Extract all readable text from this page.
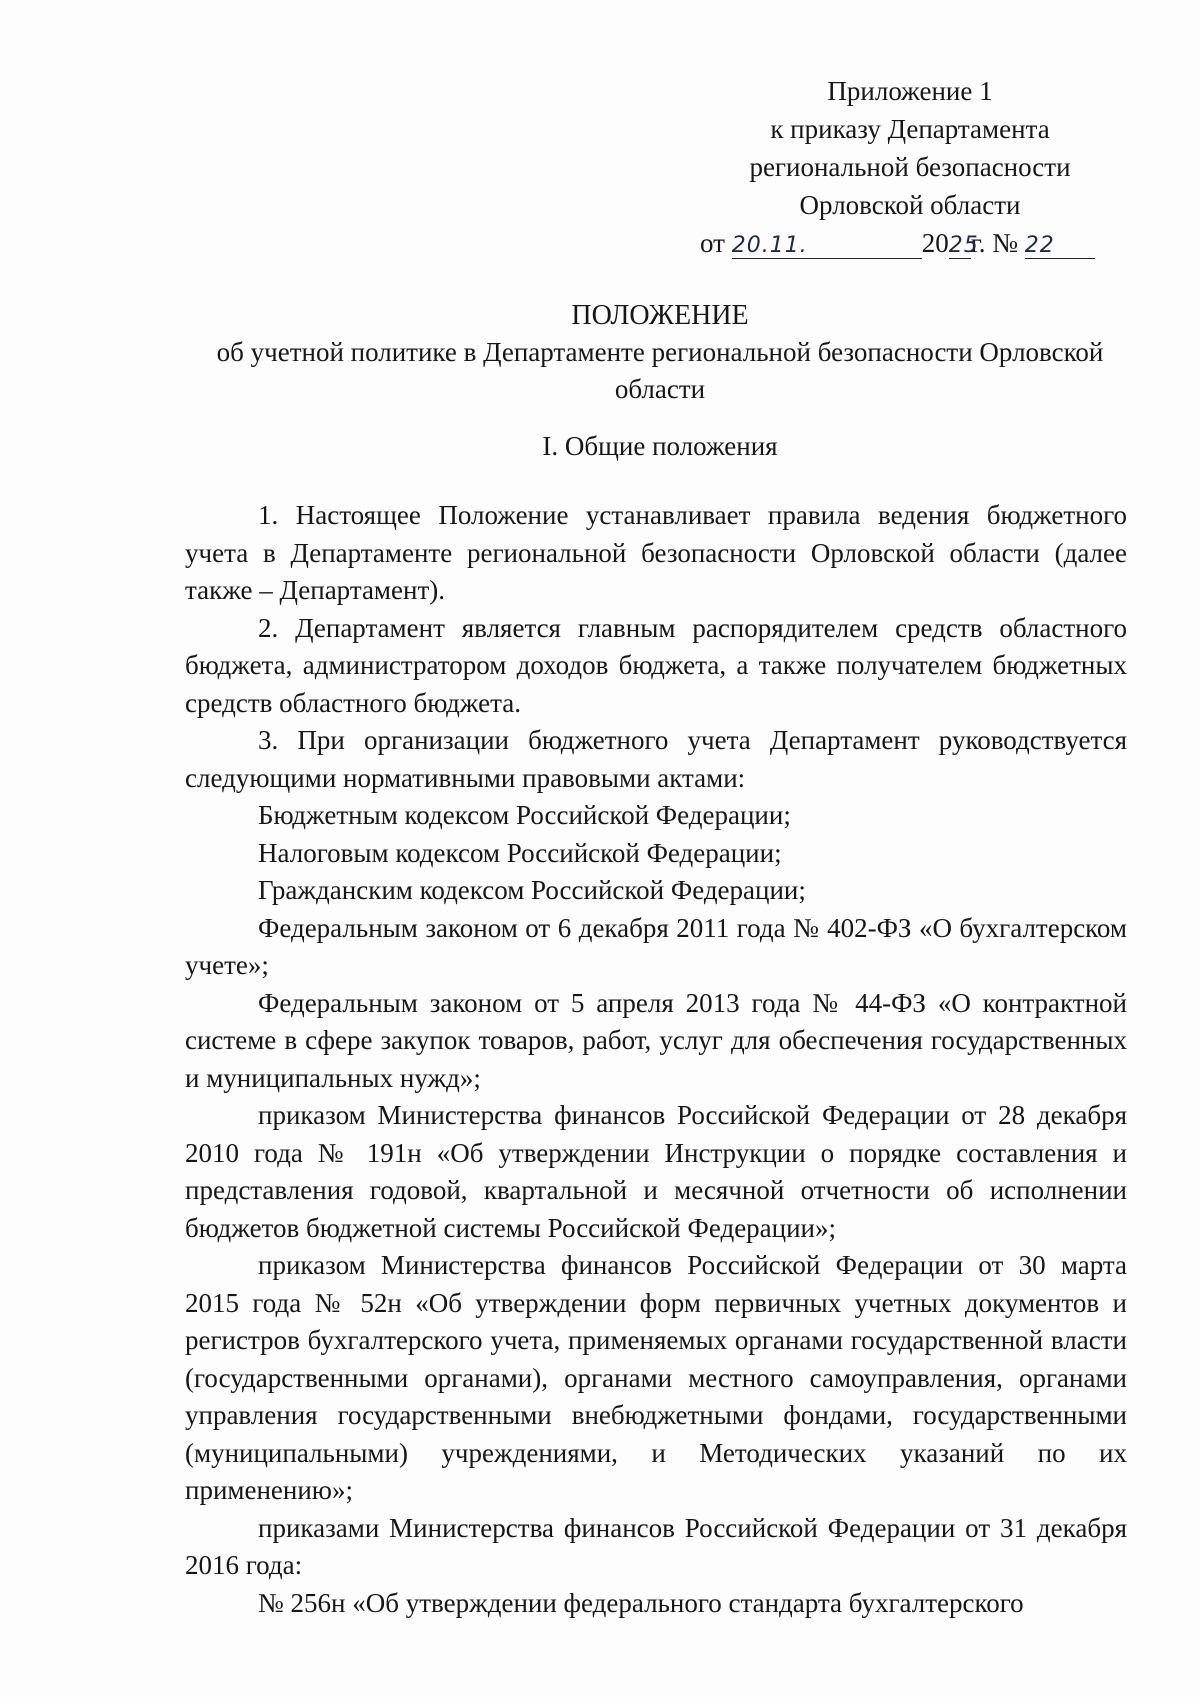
Приложение 1
к приказу Департамента
региональной безопасности
Орловской области
от 20.11.	2025г. № 22
ПОЛОЖЕНИЕ
об учетной политике в Департаменте региональной безопасности Орловской области
I. Общие положения

1. Настоящее Положение устанавливает правила ведения бюджетного учета в Департаменте региональной безопасности Орловской области (далее также – Департамент).

2. Департамент является главным распорядителем средств областного бюджета, администратором доходов бюджета, а также получателем бюджетных средств областного бюджета.

3. При организации бюджетного учета Департамент руководствуется следующими нормативными правовыми актами:

Бюджетным кодексом Российской Федерации;

Налоговым кодексом Российской Федерации;

Гражданским кодексом Российской Федерации;

Федеральным законом от 6 декабря 2011 года № 402-ФЗ «О бухгалтерском учете»;

Федеральным законом от 5 апреля 2013 года № 44-ФЗ «О контрактной системе в сфере закупок товаров, работ, услуг для обеспечения государственных и муниципальных нужд»;

приказом Министерства финансов Российской Федерации от 28 декабря 2010 года № 191н «Об утверждении Инструкции о порядке составления и представления годовой, квартальной и месячной отчетности об исполнении бюджетов бюджетной системы Российской Федерации»;

приказом Министерства финансов Российской Федерации от 30 марта 2015 года № 52н «Об утверждении форм первичных учетных документов и регистров бухгалтерского учета, применяемых органами государственной власти (государственными органами), органами местного самоуправления, органами управления государственными внебюджетными фондами, государственными (муниципальными) учреждениями, и Методических указаний по их применению»;

приказами Министерства финансов Российской Федерации от 31 декабря 2016 года:

№ 256н «Об утверждении федерального стандарта бухгалтерского
